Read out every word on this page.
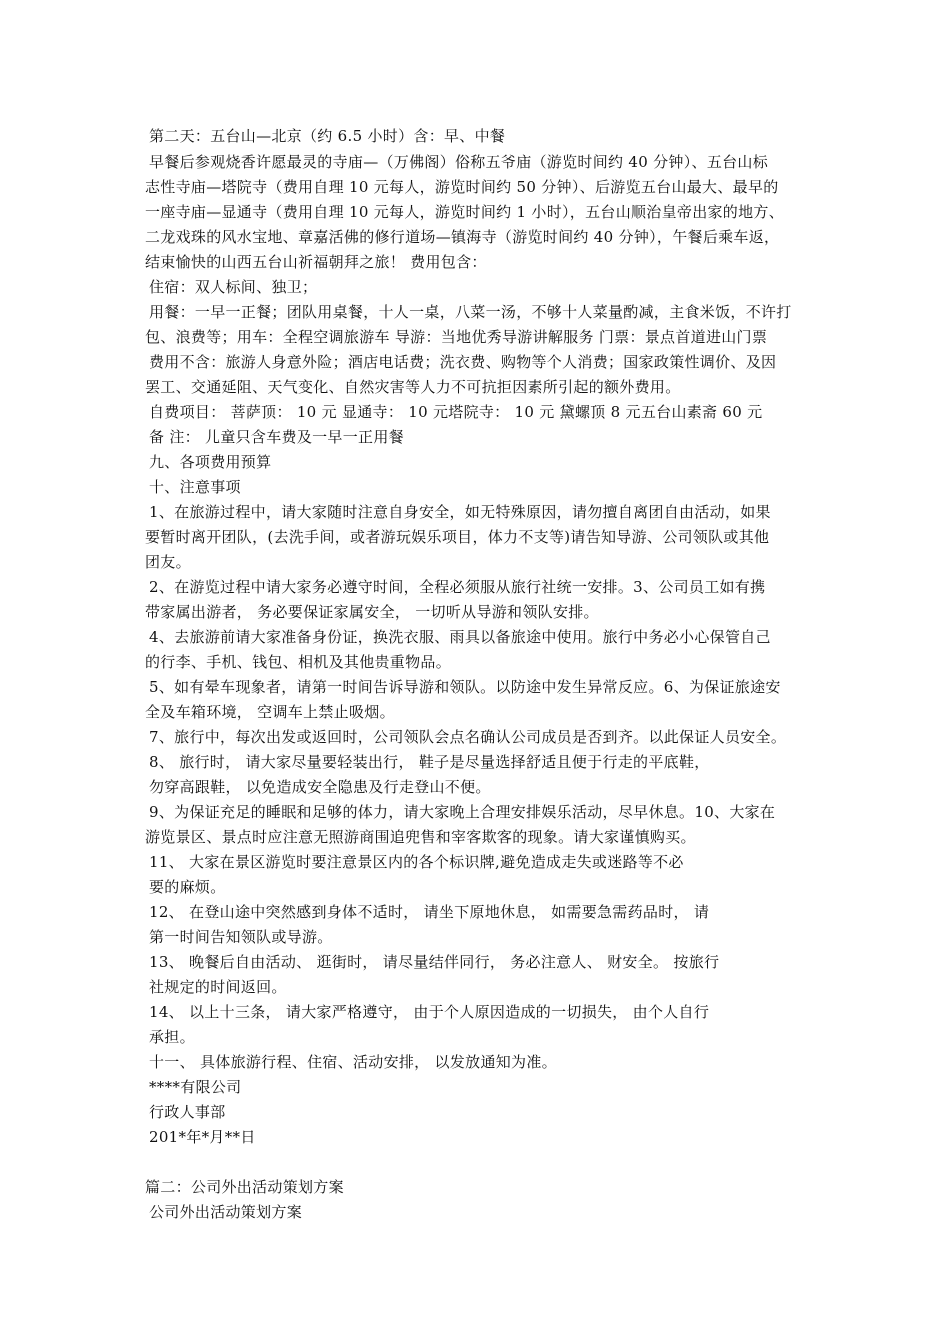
第二天：五台山—北京（约 6.5 小时）含：早、中餐
早餐后参观烧香许愿最灵的寺庙—（万佛阁）俗称五爷庙（游览时间约 40 分钟）、五台山标
志性寺庙—塔院寺（费用自理 10 元每人，游览时间约 50 分钟）、后游览五台山最大、最早的
一座寺庙—显通寺（费用自理 10 元每人，游览时间约 1 小时），五台山顺治皇帝出家的地方、
二龙戏珠的风水宝地、章嘉活佛的修行道场—镇海寺（游览时间约 40 分钟），午餐后乘车返，
结束愉快的山西五台山祈福朝拜之旅！ 费用包含：
住宿：双人标间、独卫；
用餐：一早一正餐；团队用桌餐，十人一桌，八菜一汤，不够十人菜量酌减，主食米饭，不许打
包、浪费等；用车：全程空调旅游车 导游：当地优秀导游讲解服务 门票：景点首道进山门票
费用不含：旅游人身意外险；酒店电话费；洗衣费、购物等个人消费；国家政策性调价、及因
罢工、交通延阻、天气变化、自然灾害等人力不可抗拒因素所引起的额外费用。
自费项目： 菩萨顶： 10 元 显通寺： 10 元塔院寺： 10 元 黛螺顶 8 元五台山素斋 60 元
备 注： 儿童只含车费及一早一正用餐
九、各项费用预算
十、注意事项
1、在旅游过程中，请大家随时注意自身安全，如无特殊原因，请勿擅自离团自由活动，如果
要暂时离开团队，(去洗手间，或者游玩娱乐项目，体力不支等)请告知导游、公司领队或其他
团友。
2、在游览过程中请大家务必遵守时间，全程必须服从旅行社统一安排。3、公司员工如有携
带家属出游者， 务必要保证家属安全， 一切听从导游和领队安排。
4、去旅游前请大家准备身份证，换洗衣服、雨具以备旅途中使用。旅行中务必小心保管自己
的行李、手机、钱包、相机及其他贵重物品。
5、如有晕车现象者，请第一时间告诉导游和领队。以防途中发生异常反应。6、为保证旅途安
全及车箱环境， 空调车上禁止吸烟。
7、旅行中，每次出发或返回时，公司领队会点名确认公司成员是否到齐。以此保证人员安全。
8、 旅行时， 请大家尽量要轻装出行， 鞋子是尽量选择舒适且便于行走的平底鞋，
勿穿高跟鞋， 以免造成安全隐患及行走登山不便。
9、为保证充足的睡眠和足够的体力，请大家晚上合理安排娱乐活动，尽早休息。10、大家在
游览景区、景点时应注意无照游商围追兜售和宰客欺客的现象。请大家谨慎购买。
11、 大家在景区游览时要注意景区内的各个标识牌,避免造成走失或迷路等不必
要的麻烦。
12、 在登山途中突然感到身体不适时， 请坐下原地休息， 如需要急需药品时， 请
第一时间告知领队或导游。
13、 晚餐后自由活动、 逛街时， 请尽量结伴同行， 务必注意人、 财安全。 按旅行
社规定的时间返回。
14、 以上十三条， 请大家严格遵守， 由于个人原因造成的一切损失， 由个人自行
承担。
十一、 具体旅游行程、住宿、活动安排， 以发放通知为准。
****有限公司
行政人事部
201*年*月**日
篇二：公司外出活动策划方案
公司外出活动策划方案
